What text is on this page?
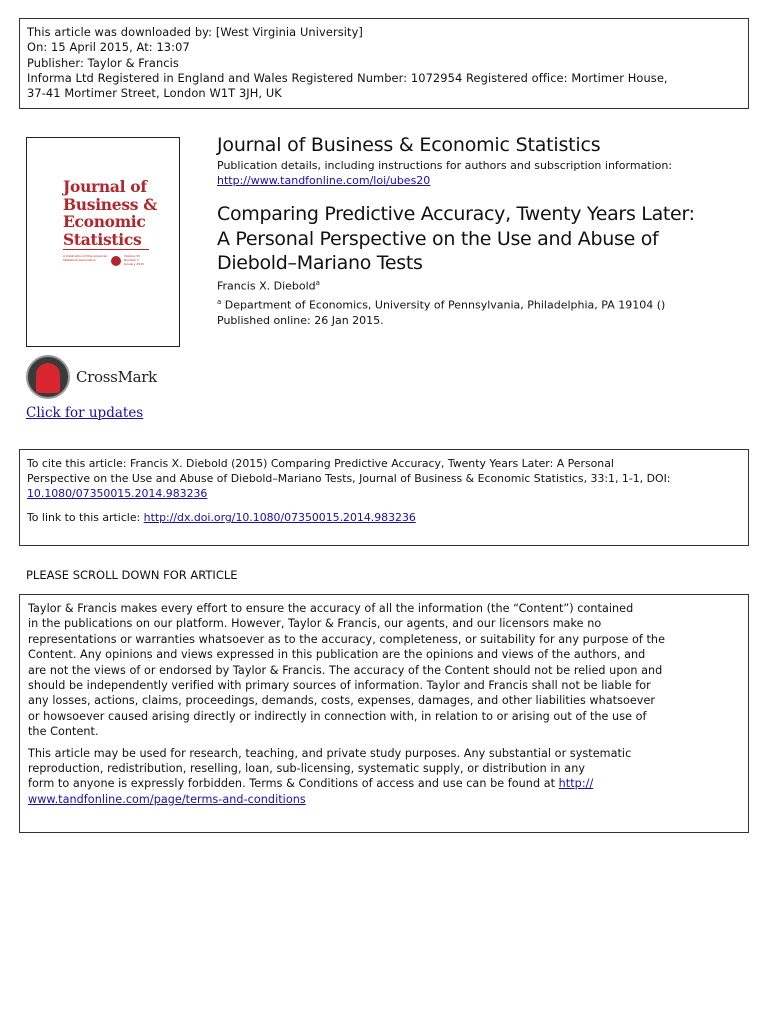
This article was downloaded by: [West Virginia University]
On: 15 April 2015, At: 13:07
Publisher: Taylor & Francis
Informa Ltd Registered in England and Wales Registered Number: 1072954 Registered office: Mortimer House,
37-41 Mortimer Street, London W1T 3JH, UK
Journal of
Business &
Economic
Statistics
A Publication of the American Statistical Association
Volume 33 Number 1 January 2015
Journal of Business & Economic Statistics
Publication details, including instructions for authors and subscription information:
http://www.tandfonline.com/loi/ubes20
Comparing Predictive Accuracy, Twenty Years Later:
A Personal Perspective on the Use and Abuse of
Diebold–Mariano Tests
Francis X. Diebold$^a$
$^a$ Department of Economics, University of Pennsylvania, Philadelphia, PA 19104 ()
Published online: 26 Jan 2015.
CrossMark
Click for updates
To cite this article: Francis X. Diebold (2015) Comparing Predictive Accuracy, Twenty Years Later: A Personal
Perspective on the Use and Abuse of Diebold–Mariano Tests, Journal of Business & Economic Statistics, 33:1, 1-1, DOI:
10.1080/07350015.2014.983236
To link to this article: http://dx.doi.org/10.1080/07350015.2014.983236
PLEASE SCROLL DOWN FOR ARTICLE
Taylor & Francis makes every effort to ensure the accuracy of all the information (the “Content”) contained
in the publications on our platform. However, Taylor & Francis, our agents, and our licensors make no
representations or warranties whatsoever as to the accuracy, completeness, or suitability for any purpose of the
Content. Any opinions and views expressed in this publication are the opinions and views of the authors, and
are not the views of or endorsed by Taylor & Francis. The accuracy of the Content should not be relied upon and
should be independently verified with primary sources of information. Taylor and Francis shall not be liable for
any losses, actions, claims, proceedings, demands, costs, expenses, damages, and other liabilities whatsoever
or howsoever caused arising directly or indirectly in connection with, in relation to or arising out of the use of
the Content.
This article may be used for research, teaching, and private study purposes. Any substantial or systematic
reproduction, redistribution, reselling, loan, sub-licensing, systematic supply, or distribution in any
form to anyone is expressly forbidden. Terms & Conditions of access and use can be found at http://
www.tandfonline.com/page/terms-and-conditions
